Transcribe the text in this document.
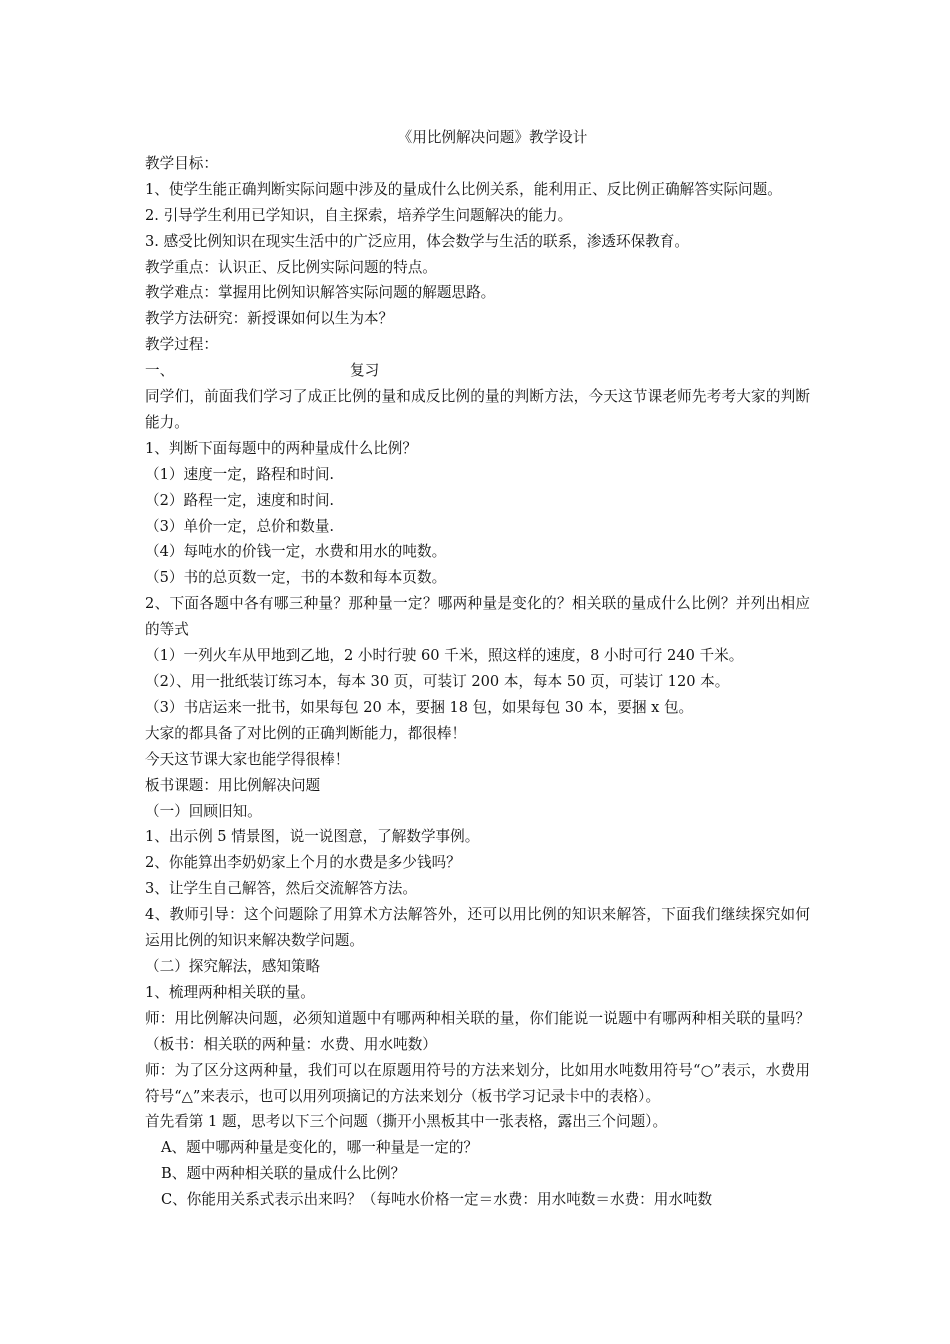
《用比例解决问题》教学设计

教学目标：

1、使学生能正确判断实际问题中涉及的量成什么比例关系，能利用正、反比例正确解答实际问题。

2. 引导学生利用已学知识，自主探索，培养学生问题解决的能力。

3. 感受比例知识在现实生活中的广泛应用，体会数学与生活的联系，渗透环保教育。

教学重点：认识正、反比例实际问题的特点。

教学难点：掌握用比例知识解答实际问题的解题思路。

教学方法研究：新授课如何以生为本？

教学过程：

一、	复习

同学们，前面我们学习了成正比例的量和成反比例的量的判断方法，今天这节课老师先考考大家的判断能力。

1、判断下面每题中的两种量成什么比例？

（1）速度一定，路程和时间.

（2）路程一定，速度和时间.

（3）单价一定，总价和数量.

（4）每吨水的价钱一定，水费和用水的吨数。

（5）书的总页数一定，书的本数和每本页数。

2、下面各题中各有哪三种量？那种量一定？哪两种量是变化的？相关联的量成什么比例？并列出相应的等式

（1）一列火车从甲地到乙地，2 小时行驶 60 千米，照这样的速度，8 小时可行 240 千米。

（2）、用一批纸装订练习本，每本 30 页，可装订 200 本，每本 50 页，可装订 120 本。

（3）书店运来一批书，如果每包 20 本，要捆 18 包，如果每包 30 本，要捆 x 包。

大家的都具备了对比例的正确判断能力，都很棒！

今天这节课大家也能学得很棒！

板书课题：用比例解决问题

（一）回顾旧知。

1、出示例 5 情景图，说一说图意，了解数学事例。

2、你能算出李奶奶家上个月的水费是多少钱吗？

3、让学生自己解答，然后交流解答方法。

4、教师引导：这个问题除了用算术方法解答外，还可以用比例的知识来解答，下面我们继续探究如何运用比例的知识来解决数学问题。

（二）探究解法，感知策略

1、梳理两种相关联的量。

师：用比例解决问题，必须知道题中有哪两种相关联的量，你们能说一说题中有哪两种相关联的量吗？（板书：相关联的两种量：水费、用水吨数）

师：为了区分这两种量，我们可以在原题用符号的方法来划分，比如用水吨数用符号“○”表示，水费用符号“△”来表示，也可以用列项摘记的方法来划分（板书学习记录卡中的表格）。

首先看第 1 题，思考以下三个问题（撕开小黑板其中一张表格，露出三个问题）。

A、题中哪两种量是变化的，哪一种量是一定的？

B、题中两种相关联的量成什么比例？

C、你能用关系式表示出来吗？（每吨水价格一定＝水费：用水吨数＝水费：用水吨数
